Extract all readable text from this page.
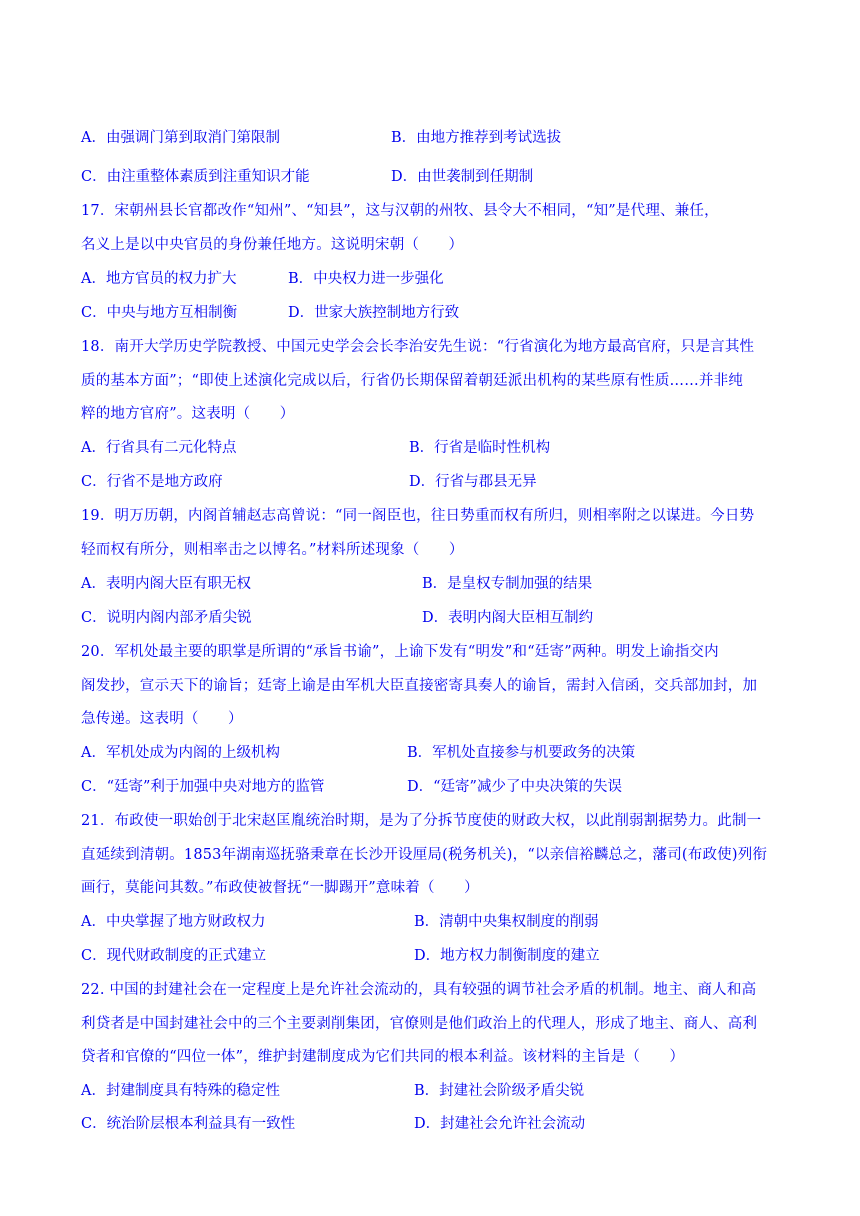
A．由强调门第到取消门第限制	B．由地方推荐到考试选拔
C．由注重整体素质到注重知识才能	D．由世袭制到任期制
17．宋朝州县长官都改作“知州”、“知县”，这与汉朝的州牧、县令大不相同，“知”是代理、兼任，
名义上是以中央官员的身份兼任地方。这说明宋朝（　　）
A．地方官员的权力扩大	B．中央权力进一步强化
C．中央与地方互相制衡	D．世家大族控制地方行致
18．南开大学历史学院教授、中国元史学会会长李治安先生说：“行省演化为地方最高官府，只是言其性
质的基本方面”；“即使上述演化完成以后，行省仍长期保留着朝廷派出机构的某些原有性质……并非纯
粹的地方官府”。这表明（　　）
A．行省具有二元化特点	B．行省是临时性机构
C．行省不是地方政府	D．行省与郡县无异
19．明万历朝，内阁首辅赵志高曾说：“同一阁臣也，往日势重而权有所归，则相率附之以谋进。今日势
轻而权有所分，则相率击之以博名。”材料所述现象（　　）
A．表明内阁大臣有职无权	B．是皇权专制加强的结果
C．说明内阁内部矛盾尖锐	D．表明内阁大臣相互制约
20．军机处最主要的职掌是所谓的“承旨书谕”，上谕下发有“明发”和“廷寄”两种。明发上谕指交内
阁发抄，宣示天下的谕旨；廷寄上谕是由军机大臣直接密寄具奏人的谕旨，需封入信函，交兵部加封，加
急传递。这表明（　　）
A．军机处成为内阁的上级机构	B．军机处直接参与机要政务的决策
C．“廷寄”利于加强中央对地方的监管	D．“廷寄”减少了中央决策的失误
21．布政使一职始创于北宋赵匡胤统治时期，是为了分拆节度使的财政大权，以此削弱割据势力。此制一
直延续到清朝。1853年湖南巡抚骆秉章在长沙开设厘局(税务机关)，“以亲信裕麟总之，藩司(布政使)列衔
画行，莫能问其数。”布政使被督抚“一脚踢开”意味着（　　）
A．中央掌握了地方财政权力	B．清朝中央集权制度的削弱
C．现代财政制度的正式建立	D．地方权力制衡制度的建立
22. 中国的封建社会在一定程度上是允许社会流动的，具有较强的调节社会矛盾的机制。地主、商人和高
利贷者是中国封建社会中的三个主要剥削集团，官僚则是他们政治上的代理人，形成了地主、商人、高利
贷者和官僚的“四位一体”，维护封建制度成为它们共同的根本利益。该材料的主旨是（　　）
A．封建制度具有特殊的稳定性	B．封建社会阶级矛盾尖锐
C．统治阶层根本利益具有一致性	D．封建社会允许社会流动
